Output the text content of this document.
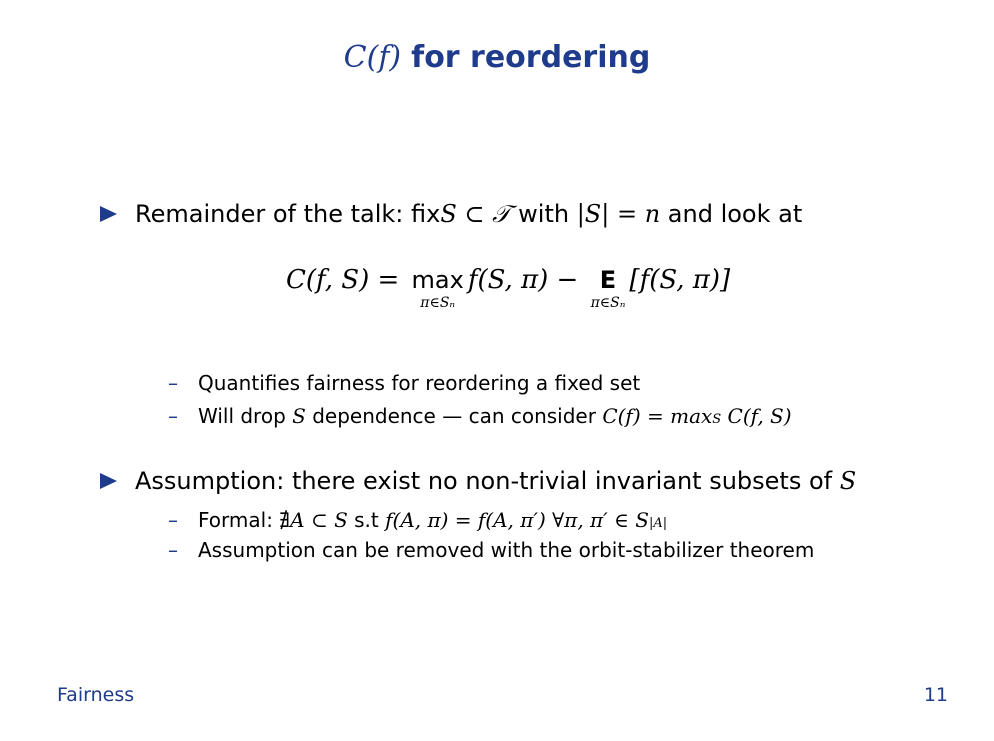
C(f) for reordering
Remainder of the talk: fix S ⊂ 𝒯 with |S| = n and look at
C(f, S) = max
π∈Sₙ
f(S, π) − E
π∈Sₙ
[f(S, π)]
–	Quantifies fairness for reordering a fixed set
–	Will drop S dependence — can consider C(f) = max S C(f, S)
Assumption: there exist no non-trivial invariant subsets of S
–	Formal: ∄A ⊂ S s.t f(A, π) = f(A, π′) ∀π, π′ ∈ S |A|
–	Assumption can be removed with the orbit-stabilizer theorem
Fairness	11
